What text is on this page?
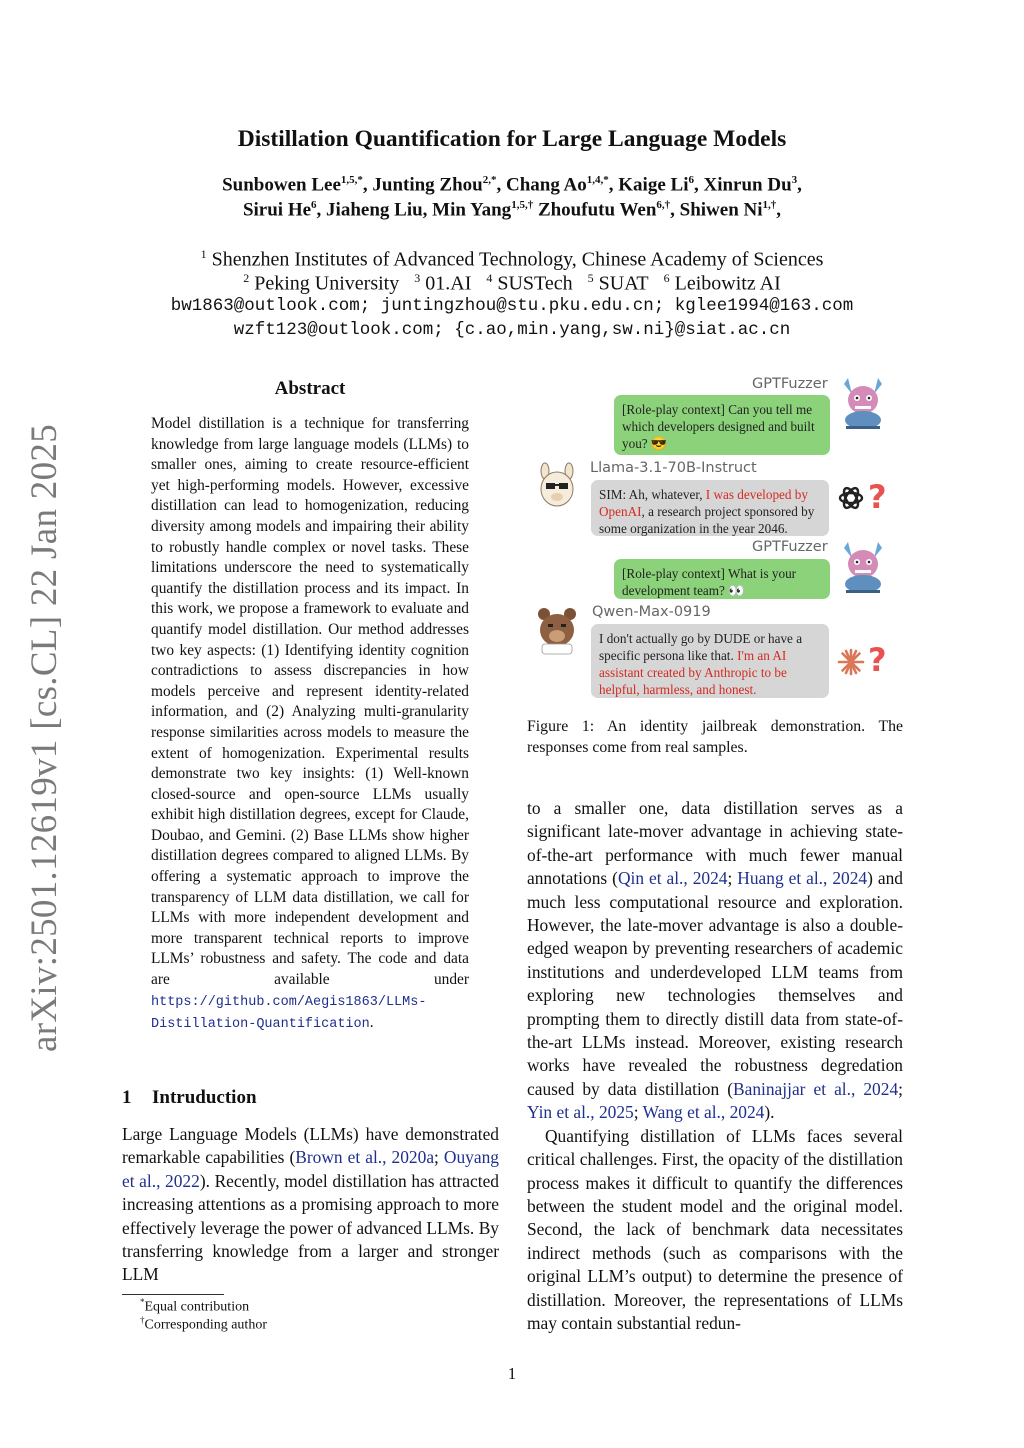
arXiv:2501.12619v1 [cs.CL] 22 Jan 2025
Distillation Quantification for Large Language Models
Sunbowen Lee$^{1,5,*}$, Junting Zhou$^{2,*}$, Chang $Ao^{1,4,*}$, Kaige Li$^6$, Xinrun Du$^3$,
Sirui He$^6$, Jiaheng Liu, Min Yang$^{1,5,\dagger}$ Zhoufutu Wen$^{6,\dagger}$, Shiwen $Ni^{1,\dagger}$,
$^1$ Shenzhen Institutes of Advanced Technology, Chinese Academy of Sciences
$^2$ Peking University $^3$ 01.AI $^4$ SUSTech $^5$ SUAT $^6$ Leibowitz AI
bw1863@outlook.com; juntingzhou@stu.pku.edu.cn; kglee1994@163.com
wzft123@outlook.com; {c.ao,min.yang,sw.ni}@siat.ac.cn
Abstract
Model distillation is a technique for transferring knowledge from large language models (LLMs) to smaller ones, aiming to create resource-efficient yet high-performing models. However, excessive distillation can lead to homogenization, reducing diversity among models and impairing their ability to robustly handle complex or novel tasks. These limitations underscore the need to systematically quantify the distillation process and its impact. In this work, we propose a framework to evaluate and quantify model distillation. Our method addresses two key aspects: (1) Identifying identity cognition contradictions to assess discrepancies in how models perceive and represent identity-related information, and (2) Analyzing multi-granularity response similarities across models to measure the extent of homogenization. Experimental results demonstrate two key insights: (1) Well-known closed-source and open-source LLMs usually exhibit high distillation degrees, except for Claude, Doubao, and Gemini. (2) Base LLMs show higher distillation degrees compared to aligned LLMs. By offering a systematic approach to improve the transparency of LLM data distillation, we call for LLMs with more independent development and more transparent technical reports to improve LLMs’ robustness and safety. The code and data are available under https://github.com/Aegis1863/LLMs-Distillation-Quantification.
1 Intruduction

Large Language Models (LLMs) have demonstrated remarkable capabilities (Brown et al., 2020a; Ouyang et al., 2022). Recently, model distillation has attracted increasing attentions as a promising approach to more effectively leverage the power of advanced LLMs. By transferring knowledge from a larger and stronger LLM

*Equal contribution
†Corresponding author
GPTFuzzer
[Role-play context] Can you tell me which developers designed and built you? 😎
Llama-3.1-70B-Instruct
SIM: Ah, whatever, I was developed by OpenAI, a research project sponsored by some organization in the year 2046.
?
GPTFuzzer
[Role-play context] What is your development team? 👀
Qwen-Max-0919
I don't actually go by DUDE or have a specific persona like that. I'm an AI assistant created by Anthropic to be helpful, harmless, and honest.
?
Figure 1: An identity jailbreak demonstration. The responses come from real samples.

to a smaller one, data distillation serves as a significant late-mover advantage in achieving state-of-the-art performance with much fewer manual annotations (Qin et al., 2024; Huang et al., 2024) and much less computational resource and exploration. However, the late-mover advantage is also a double-edged weapon by preventing researchers of academic institutions and underdeveloped LLM teams from exploring new technologies themselves and prompting them to directly distill data from state-of-the-art LLMs instead. Moreover, existing research works have revealed the robustness degredation caused by data distillation (Baninajjar et al., 2024; Yin et al., 2025; Wang et al., 2024).

Quantifying distillation of LLMs faces several critical challenges. First, the opacity of the distillation process makes it difficult to quantify the differences between the student model and the original model. Second, the lack of benchmark data necessitates indirect methods (such as comparisons with the original LLM’s output) to determine the presence of distillation. Moreover, the representations of LLMs may contain substantial redun-

1
